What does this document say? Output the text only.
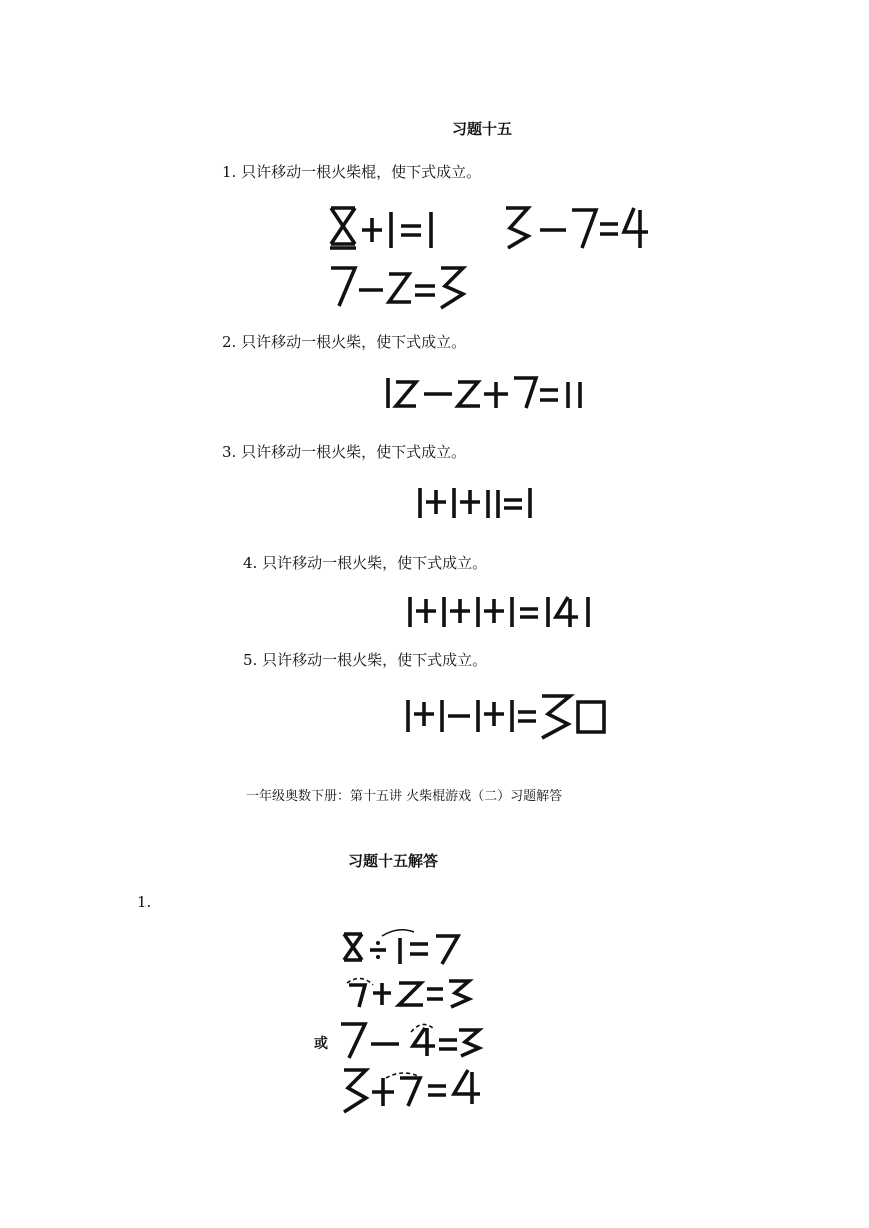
习题十五
1. 只许移动一根火柴棍，使下式成立。
2. 只许移动一根火柴，使下式成立。
3. 只许移动一根火柴，使下式成立。
4. 只许移动一根火柴，使下式成立。
5. 只许移动一根火柴，使下式成立。
一年级奥数下册：第十五讲 火柴棍游戏（二）习题解答
习题十五解答
1.
或
